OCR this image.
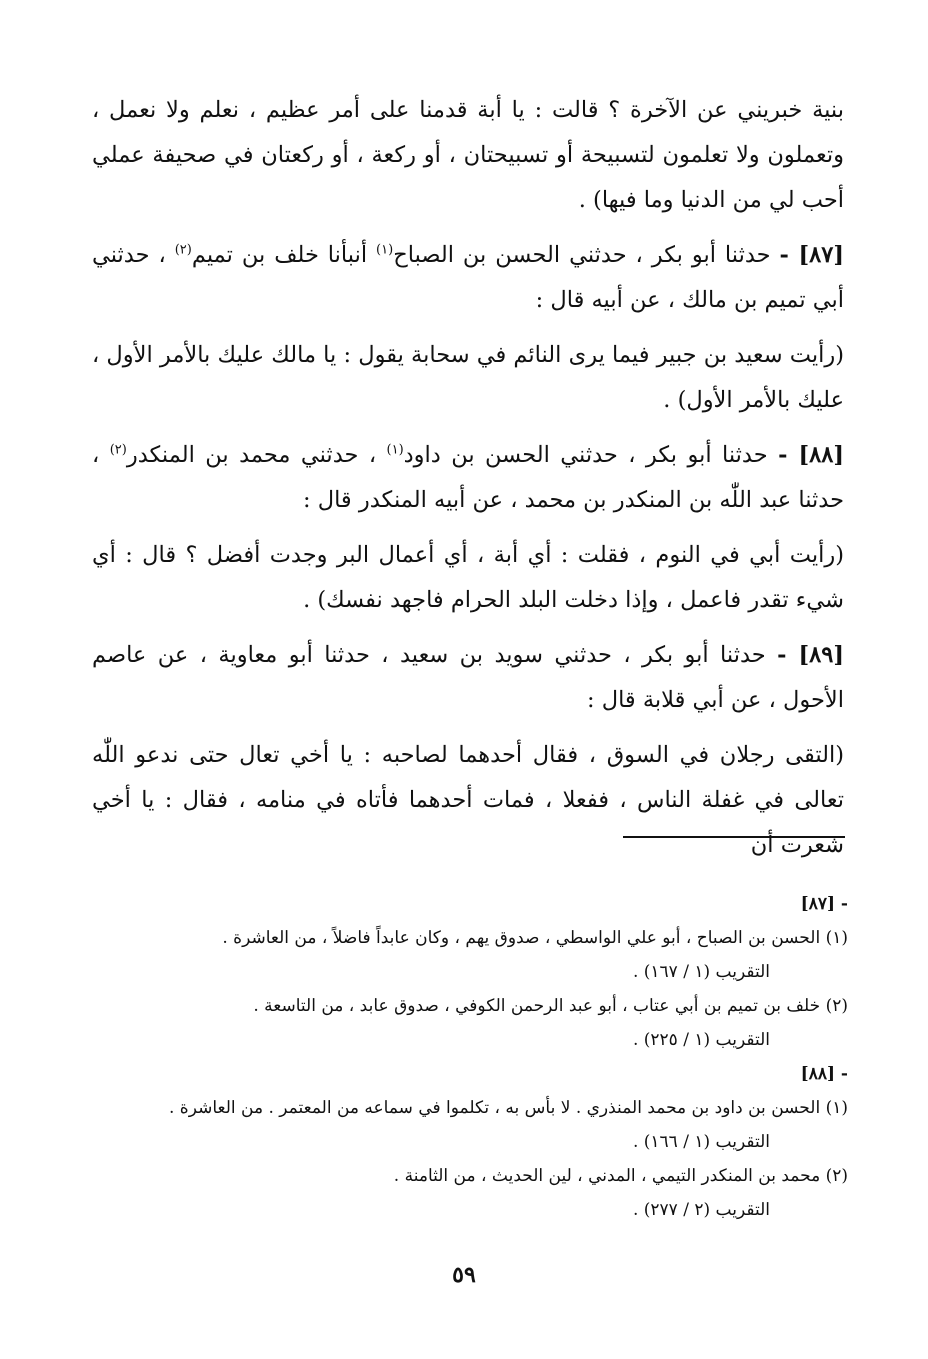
بنية خبريني عن الآخرة ؟ قالت : يا أبة قدمنا على أمر عظيم ، نعلم ولا نعمل ، وتعملون ولا تعلمون لتسبيحة أو تسبيحتان ، أو ركعة ، أو ركعتان في صحيفة عملي أحب لي من الدنيا وما فيها) .

[٨٧] - حدثنا أبو بكر ، حدثني الحسن بن الصباح$^{(١)}$ أنبأنا خلف بن تميم$^{(٢)}$ ، حدثني أبي تميم بن مالك ، عن أبيه قال :

(رأيت سعيد بن جبير فيما يرى النائم في سحابة يقول : يا مالك عليك بالأمر الأول ، عليك بالأمر الأول) .

[٨٨] - حدثنا أبو بكر ، حدثني الحسن بن داود$^{(١)}$ ، حدثني محمد بن المنكدر$^{(٢)}$ ، حدثنا عبد اللّٰه بن المنكدر بن محمد ، عن أبيه المنكدر قال :

(رأيت أبي في النوم ، فقلت : أي أبة ، أي أعمال البر وجدت أفضل ؟ قال : أي شيء تقدر فاعمل ، وإذا دخلت البلد الحرام فاجهد نفسك) .

[٨٩] - حدثنا أبو بكر ، حدثني سويد بن سعيد ، حدثنا أبو معاوية ، عن عاصم الأحول ، عن أبي قلابة قال :

(التقى رجلان في السوق ، فقال أحدهما لصاحبه : يا أخي تعال حتى ندعو اللّٰه تعالى في غفلة الناس ، ففعلا ، فمات أحدهما فأتاه في منامه ، فقال : يا أخي شعرت أن

- [٨٧]

(١) الحسن بن الصباح ، أبو علي الواسطي ، صدوق يهم ، وكان عابداً فاضلاً ، من العاشرة .

التقريب (١ / ١٦٧) .

(٢) خلف بن تميم بن أبي عتاب ، أبو عبد الرحمن الكوفي ، صدوق عابد ، من التاسعة .

التقريب (١ / ٢٢٥) .

- [٨٨]

(١) الحسن بن داود بن محمد المنذري . لا بأس به ، تكلموا في سماعه من المعتمر . من العاشرة .

التقريب (١ / ١٦٦) .

(٢) محمد بن المنكدر التيمي ، المدني ، لين الحديث ، من الثامنة .

التقريب (٢ / ٢٧٧) .

٥٩
